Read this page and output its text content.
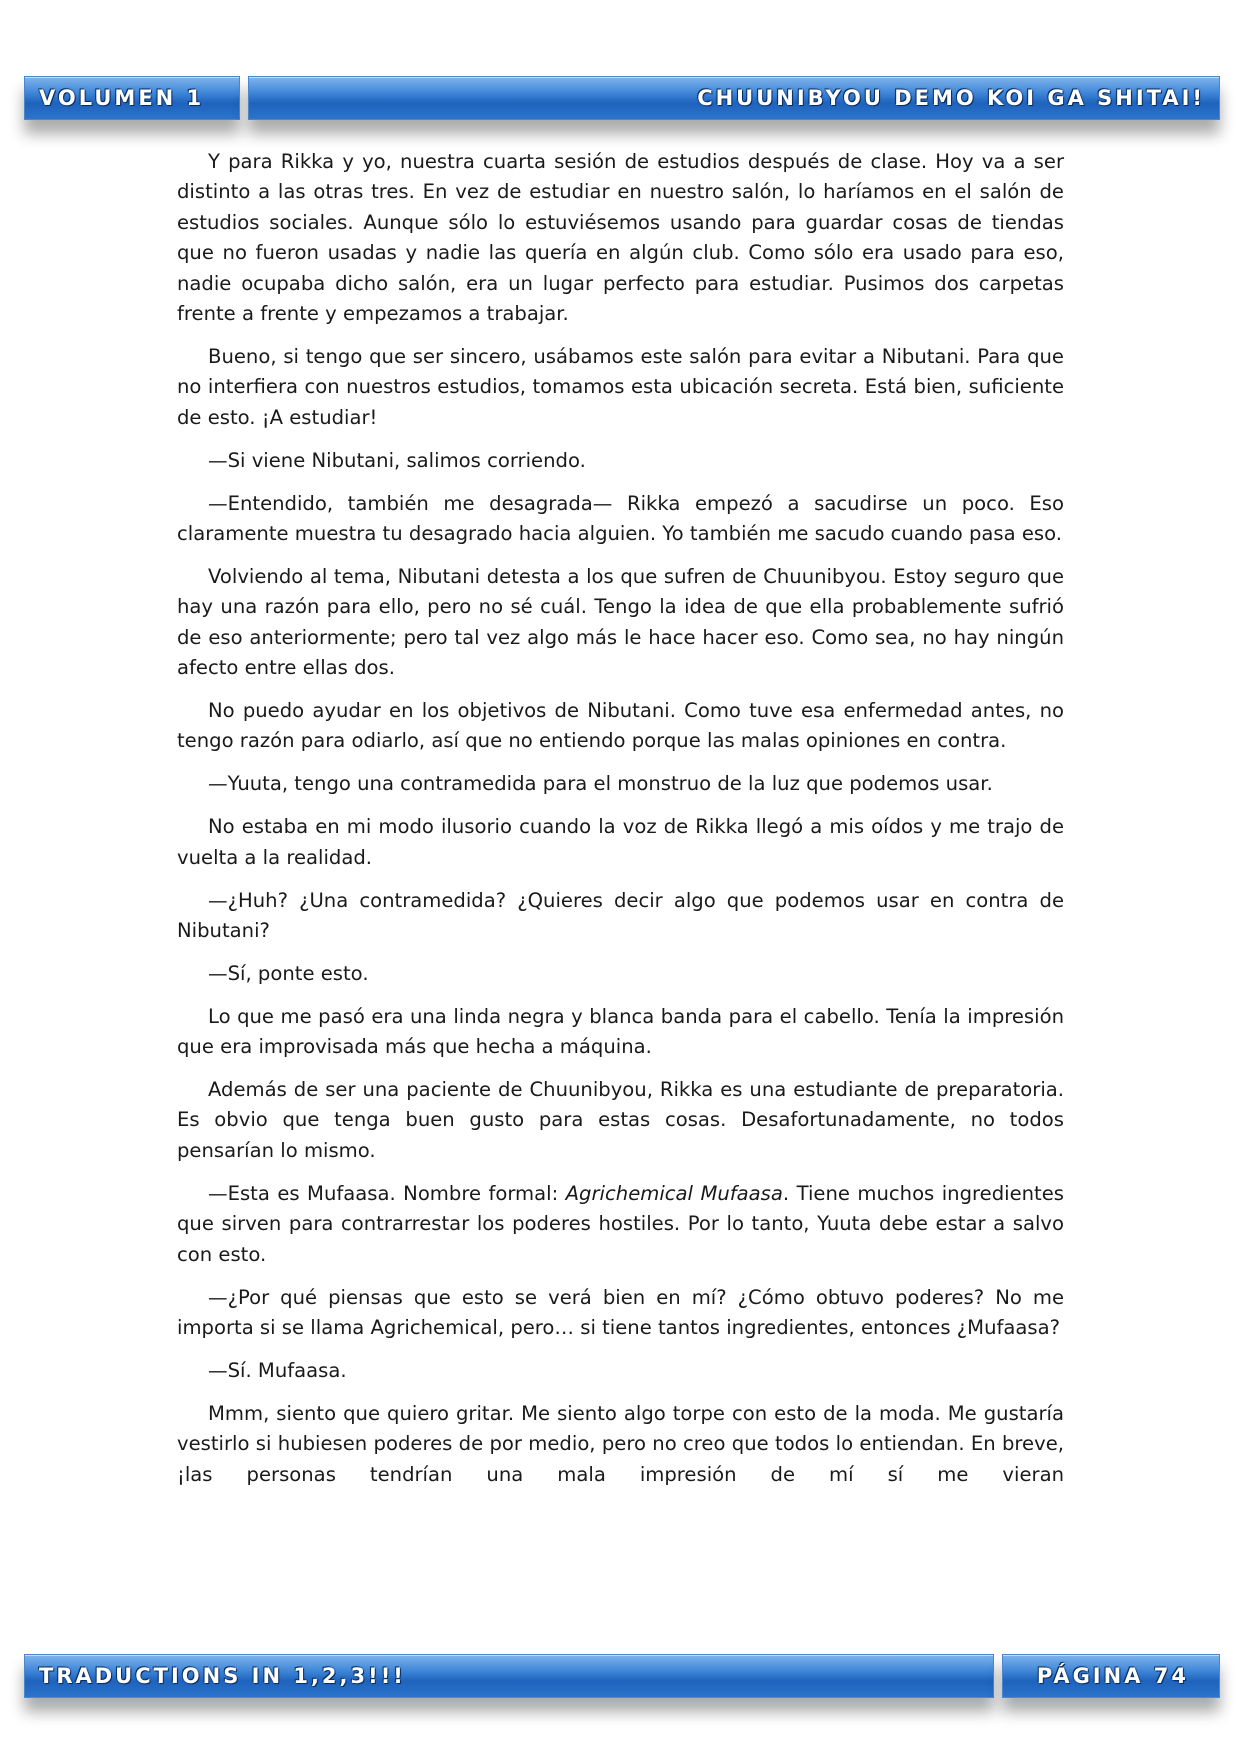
VOLUMEN 1	CHUUNIBYOU DEMO KOI GA SHITAI!

Y para Rikka y yo, nuestra cuarta sesión de estudios después de clase. Hoy va a ser distinto a las otras tres. En vez de estudiar en nuestro salón, lo haríamos en el salón de estudios sociales. Aunque sólo lo estuviésemos usando para guardar cosas de tiendas que no fueron usadas y nadie las quería en algún club. Como sólo era usado para eso, nadie ocupaba dicho salón, era un lugar perfecto para estudiar. Pusimos dos carpetas frente a frente y empezamos a trabajar.

Bueno, si tengo que ser sincero, usábamos este salón para evitar a Nibutani. Para que no interfiera con nuestros estudios, tomamos esta ubicación secreta. Está bien, suficiente de esto. ¡A estudiar!

—Si viene Nibutani, salimos corriendo.

—Entendido, también me desagrada— Rikka empezó a sacudirse un poco. Eso claramente muestra tu desagrado hacia alguien. Yo también me sacudo cuando pasa eso.

Volviendo al tema, Nibutani detesta a los que sufren de Chuunibyou. Estoy seguro que hay una razón para ello, pero no sé cuál. Tengo la idea de que ella probablemente sufrió de eso anteriormente; pero tal vez algo más le hace hacer eso. Como sea, no hay ningún afecto entre ellas dos.

No puedo ayudar en los objetivos de Nibutani. Como tuve esa enfermedad antes, no tengo razón para odiarlo, así que no entiendo porque las malas opiniones en contra.

—Yuuta, tengo una contramedida para el monstruo de la luz que podemos usar.

No estaba en mi modo ilusorio cuando la voz de Rikka llegó a mis oídos y me trajo de vuelta a la realidad.

—¿Huh? ¿Una contramedida? ¿Quieres decir algo que podemos usar en contra de Nibutani?

—Sí, ponte esto.

Lo que me pasó era una linda negra y blanca banda para el cabello. Tenía la impresión que era improvisada más que hecha a máquina.

Además de ser una paciente de Chuunibyou, Rikka es una estudiante de preparatoria. Es obvio que tenga buen gusto para estas cosas. Desafortunadamente, no todos pensarían lo mismo.

—Esta es Mufaasa. Nombre formal: Agrichemical Mufaasa. Tiene muchos ingredientes que sirven para contrarrestar los poderes hostiles. Por lo tanto, Yuuta debe estar a salvo con esto.

—¿Por qué piensas que esto se verá bien en mí? ¿Cómo obtuvo poderes? No me importa si se llama Agrichemical, pero… si tiene tantos ingredientes, entonces ¿Mufaasa?

—Sí. Mufaasa.

Mmm, siento que quiero gritar. Me siento algo torpe con esto de la moda. Me gustaría vestirlo si hubiesen poderes de por medio, pero no creo que todos lo entiendan. En breve, ¡las personas tendrían una mala impresión de mí sí me vieran

TRADUCTIONS IN 1,2,3!!!	PÁGINA 74
